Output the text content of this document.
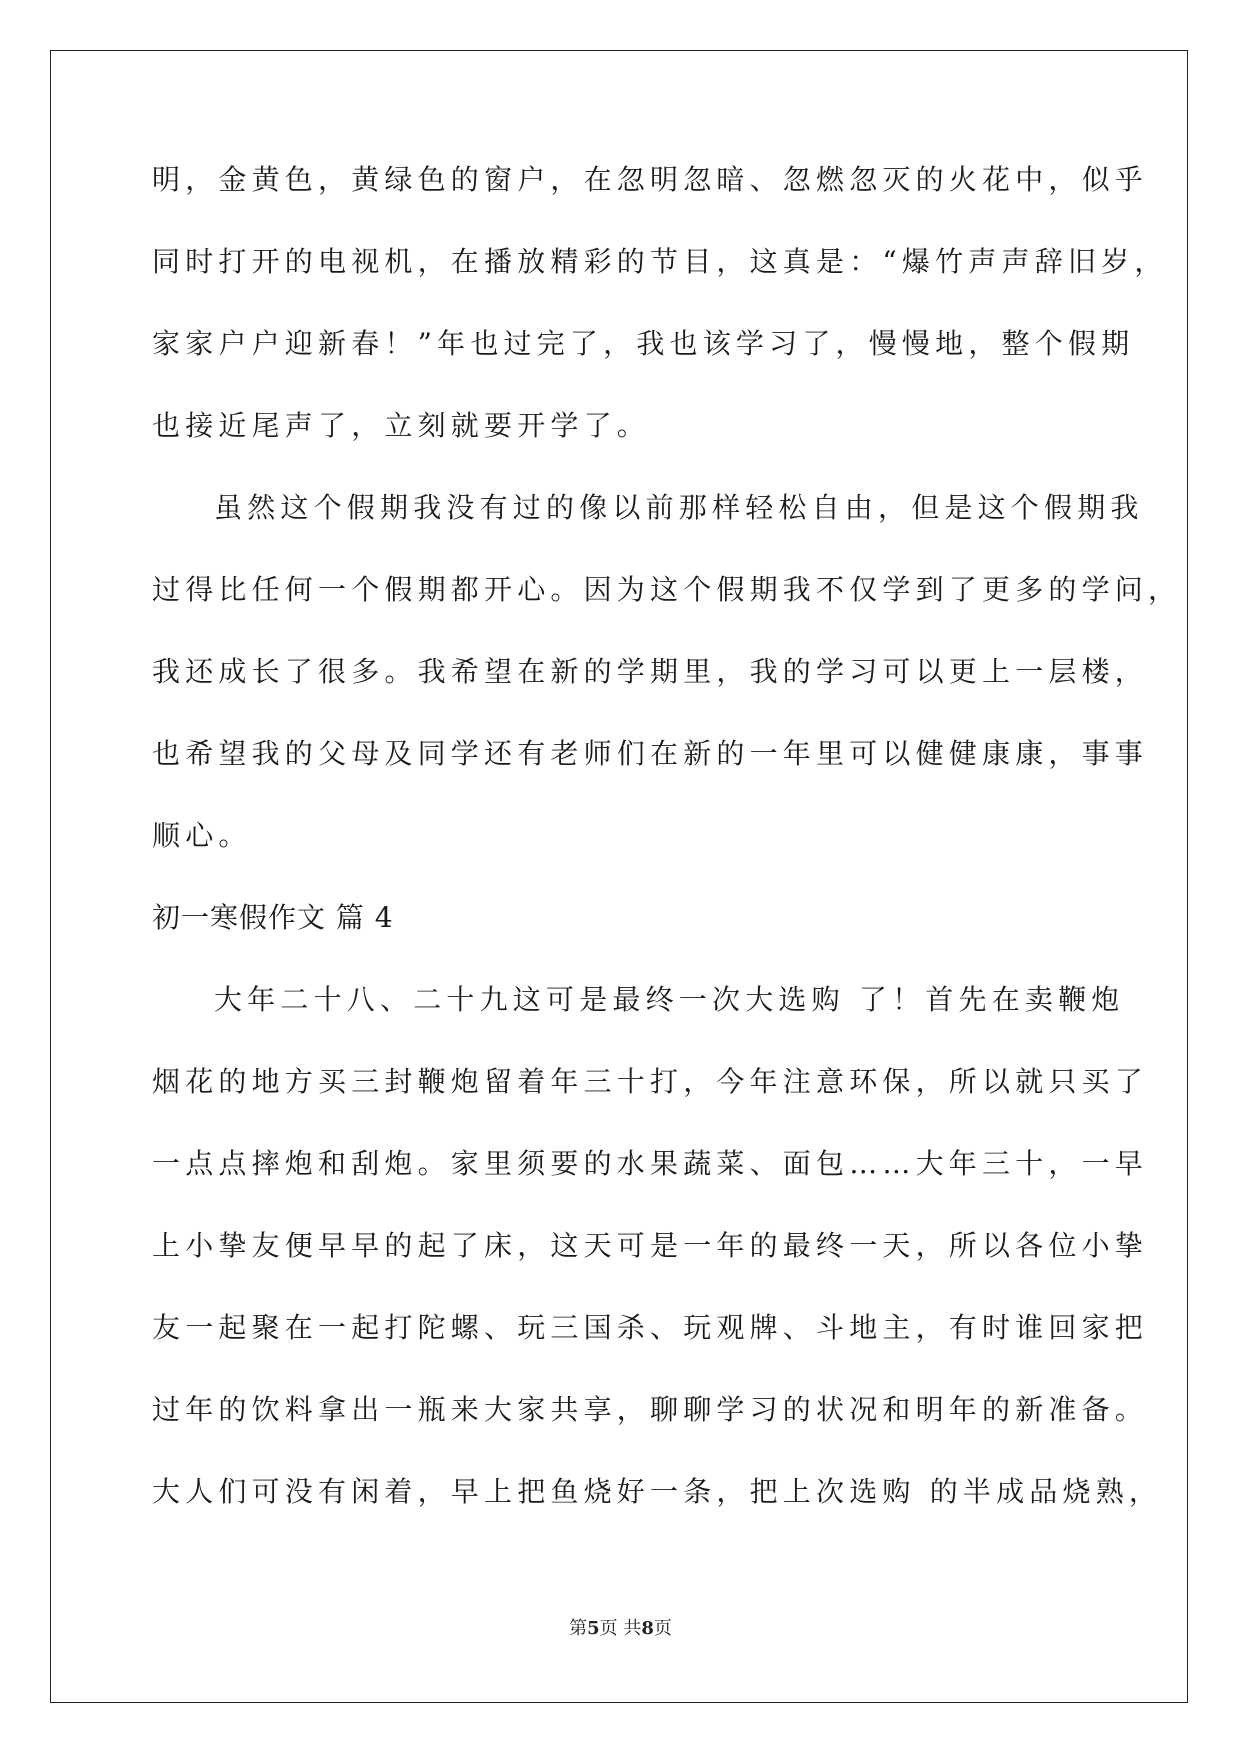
明，金黄色，黄绿色的窗户，在忽明忽暗、忽燃忽灭的火花中，似乎
同时打开的电视机，在播放精彩的节目，这真是：“爆竹声声辞旧岁，
家家户户迎新春！”年也过完了，我也该学习了，慢慢地，整个假期
也接近尾声了，立刻就要开学了。
虽然这个假期我没有过的像以前那样轻松自由，但是这个假期我
过得比任何一个假期都开心。因为这个假期我不仅学到了更多的学问，
我还成长了很多。我希望在新的学期里，我的学习可以更上一层楼，
也希望我的父母及同学还有老师们在新的一年里可以健健康康，事事
顺心。
初一寒假作文 篇 4
大年二十八、二十九这可是最终一次大选购 了！首先在卖鞭炮
烟花的地方买三封鞭炮留着年三十打，今年注意环保，所以就只买了
一点点摔炮和刮炮。家里须要的水果蔬菜、面包……大年三十，一早
上小挚友便早早的起了床，这天可是一年的最终一天，所以各位小挚
友一起聚在一起打陀螺、玩三国杀、玩观牌、斗地主，有时谁回家把
过年的饮料拿出一瓶来大家共享，聊聊学习的状况和明年的新准备。
大人们可没有闲着，早上把鱼烧好一条，把上次选购 的半成品烧熟，
第5页 共8页
